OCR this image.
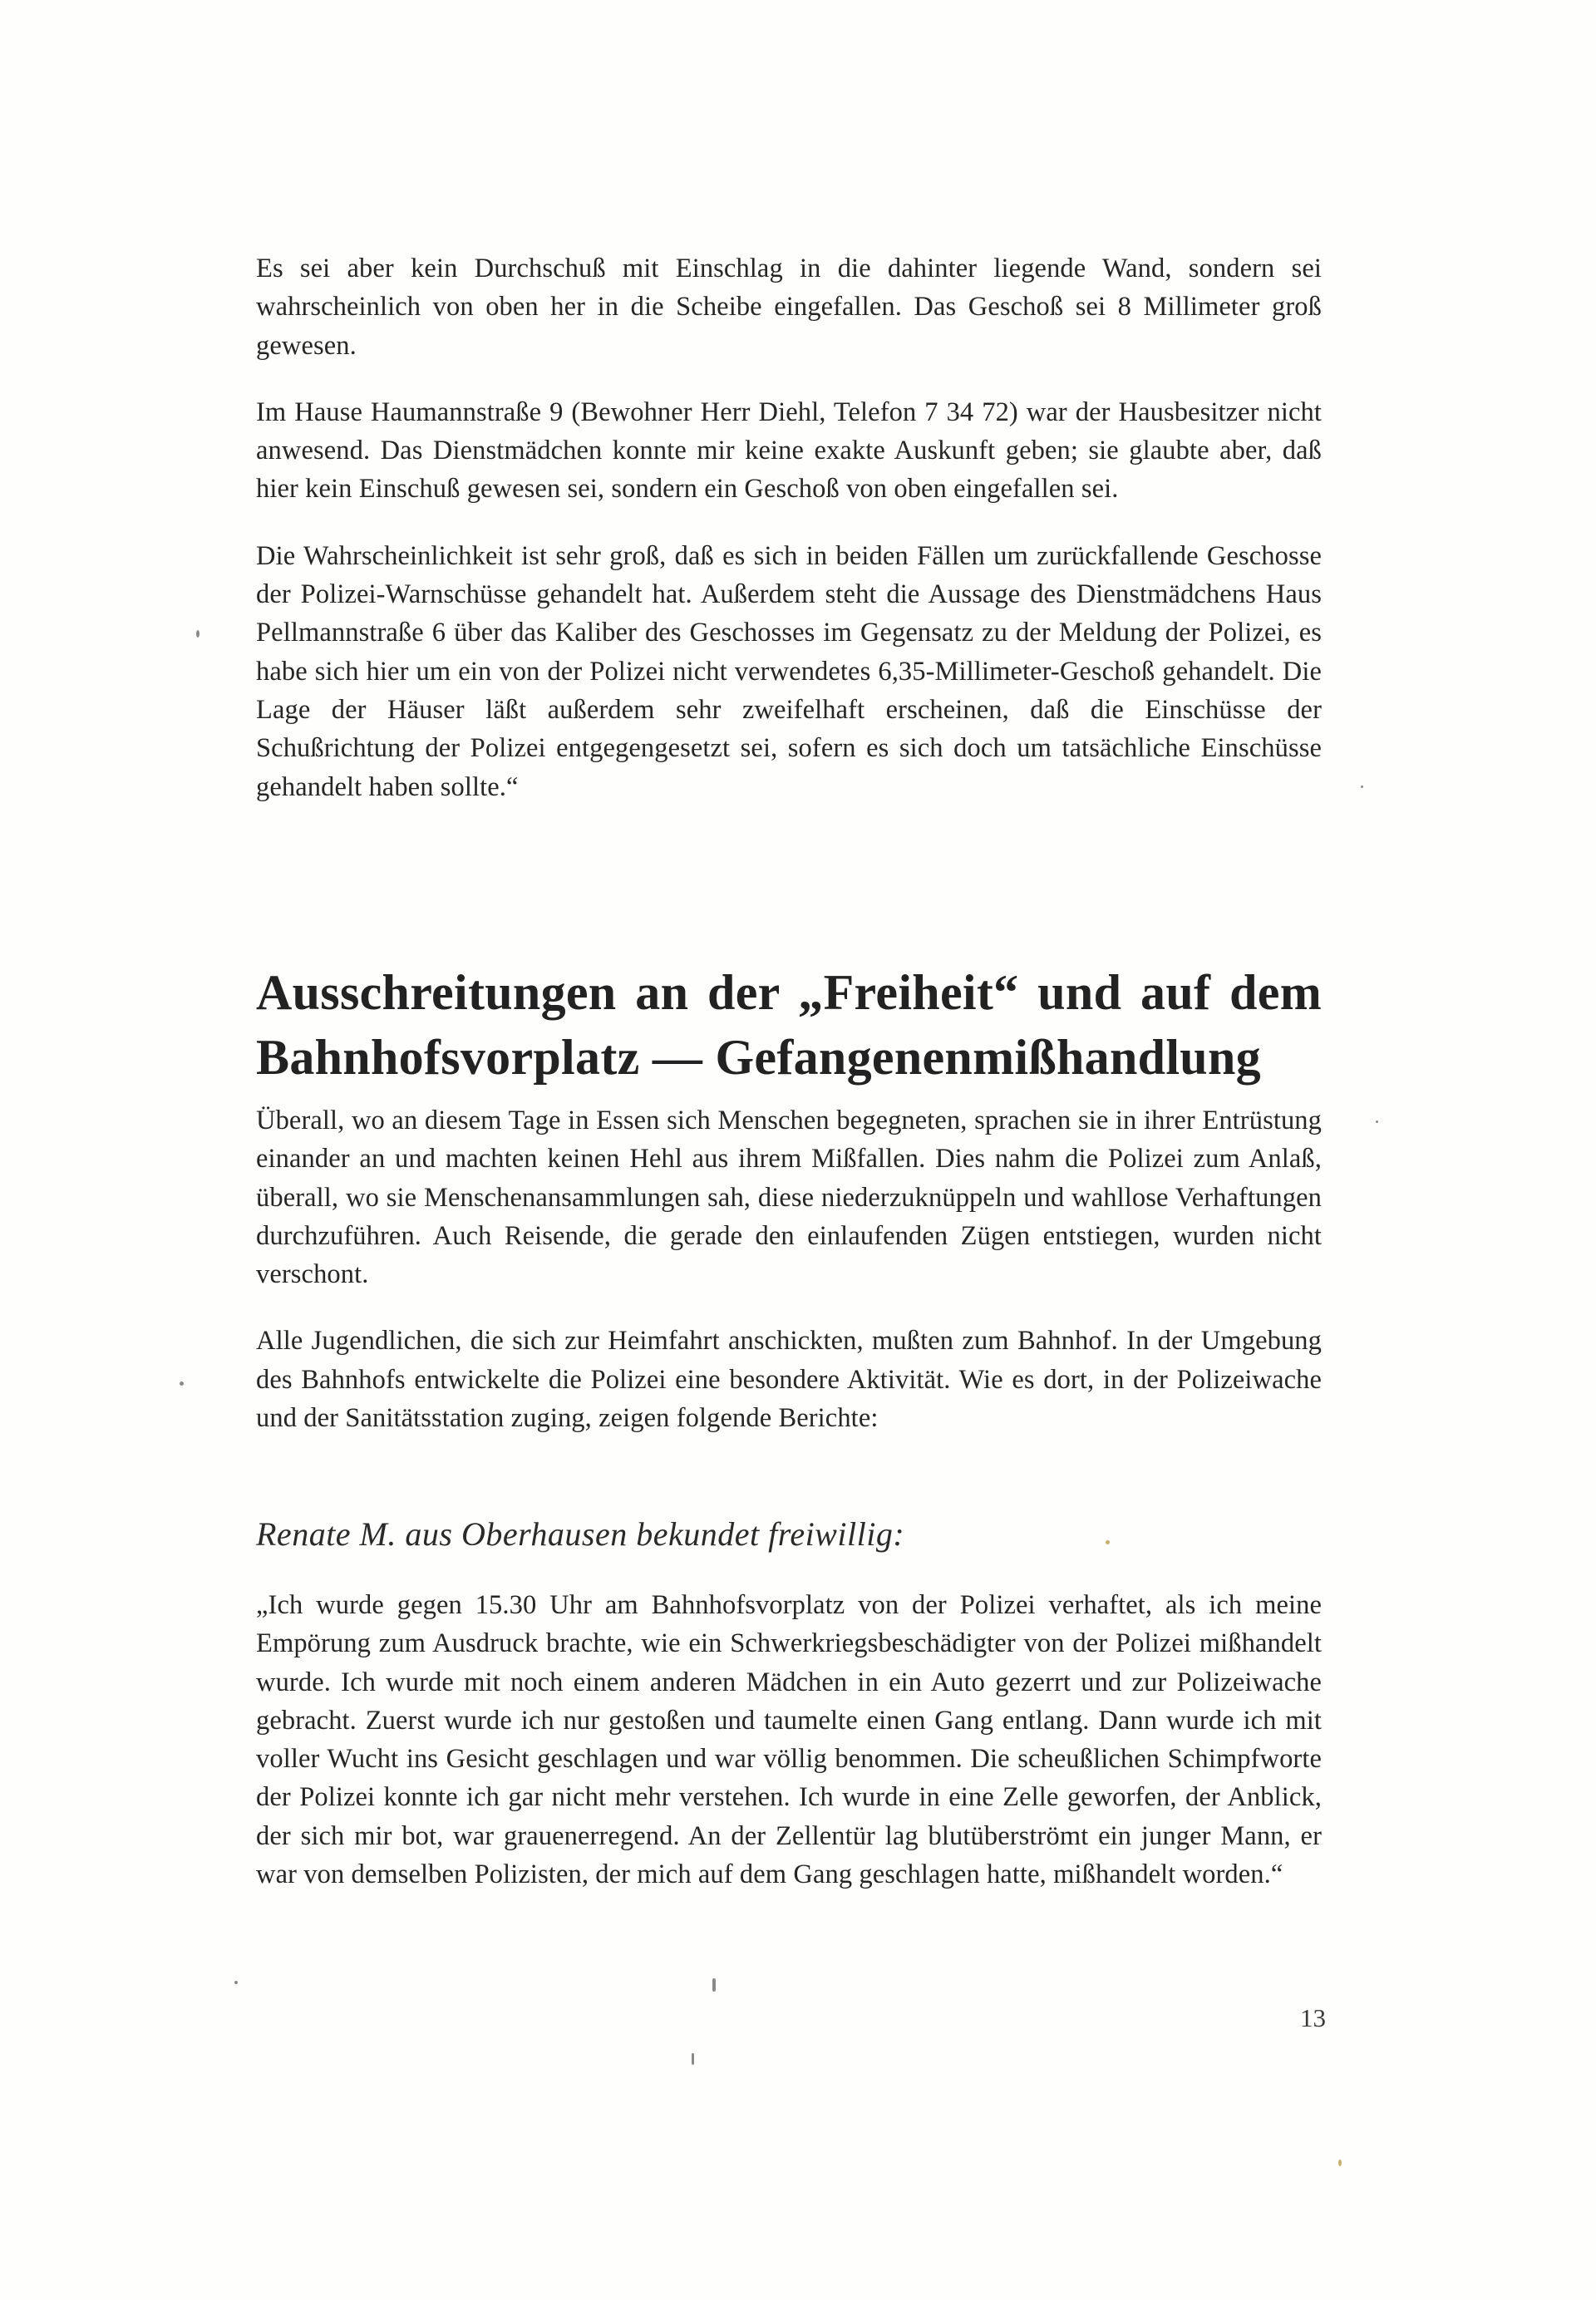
Es sei aber kein Durchschuß mit Einschlag in die dahinter liegende Wand, sondern sei wahrscheinlich von oben her in die Scheibe eingefallen. Das Geschoß sei 8 Millimeter groß gewesen.

Im Hause Haumannstraße 9 (Bewohner Herr Diehl, Telefon 7 34 72) war der Hausbesitzer nicht anwesend. Das Dienstmädchen konnte mir keine exakte Auskunft geben; sie glaubte aber, daß hier kein Einschuß gewesen sei, sondern ein Geschoß von oben eingefallen sei.

Die Wahrscheinlichkeit ist sehr groß, daß es sich in beiden Fällen um zurückfallende Geschosse der Polizei-Warnschüsse gehandelt hat. Außerdem steht die Aussage des Dienstmädchens Haus Pellmannstraße 6 über das Kaliber des Geschosses im Gegensatz zu der Meldung der Polizei, es habe sich hier um ein von der Polizei nicht verwendetes 6,35-Millimeter-Geschoß gehandelt. Die Lage der Häuser läßt außerdem sehr zweifelhaft erscheinen, daß die Einschüsse der Schußrichtung der Polizei entgegengesetzt sei, sofern es sich doch um tatsächliche Einschüsse gehandelt haben sollte.“

Ausschreitungen an der „Freiheit“ und auf dem
Bahnhofsvorplatz — Gefangenenmißhandlung

Überall, wo an diesem Tage in Essen sich Menschen begegneten, sprachen sie in ihrer Entrüstung einander an und machten keinen Hehl aus ihrem Mißfallen. Dies nahm die Polizei zum Anlaß, überall, wo sie Menschenansammlungen sah, diese niederzuknüppeln und wahllose Verhaftungen durchzuführen. Auch Reisende, die gerade den einlaufenden Zügen entstiegen, wurden nicht verschont.

Alle Jugendlichen, die sich zur Heimfahrt anschickten, mußten zum Bahnhof. In der Umgebung des Bahnhofs entwickelte die Polizei eine besondere Aktivität. Wie es dort, in der Polizeiwache und der Sanitätsstation zuging, zeigen folgende Berichte:

Renate M. aus Oberhausen bekundet freiwillig:

„Ich wurde gegen 15.30 Uhr am Bahnhofsvorplatz von der Polizei verhaftet, als ich meine Empörung zum Ausdruck brachte, wie ein Schwerkriegsbeschädigter von der Polizei mißhandelt wurde. Ich wurde mit noch einem anderen Mädchen in ein Auto gezerrt und zur Polizeiwache gebracht. Zuerst wurde ich nur gestoßen und taumelte einen Gang entlang. Dann wurde ich mit voller Wucht ins Gesicht geschlagen und war völlig benommen. Die scheußlichen Schimpfworte der Polizei konnte ich gar nicht mehr verstehen. Ich wurde in eine Zelle geworfen, der Anblick, der sich mir bot, war grauenerregend. An der Zellentür lag blutüberströmt ein junger Mann, er war von demselben Polizisten, der mich auf dem Gang geschlagen hatte, mißhandelt worden.“

13
